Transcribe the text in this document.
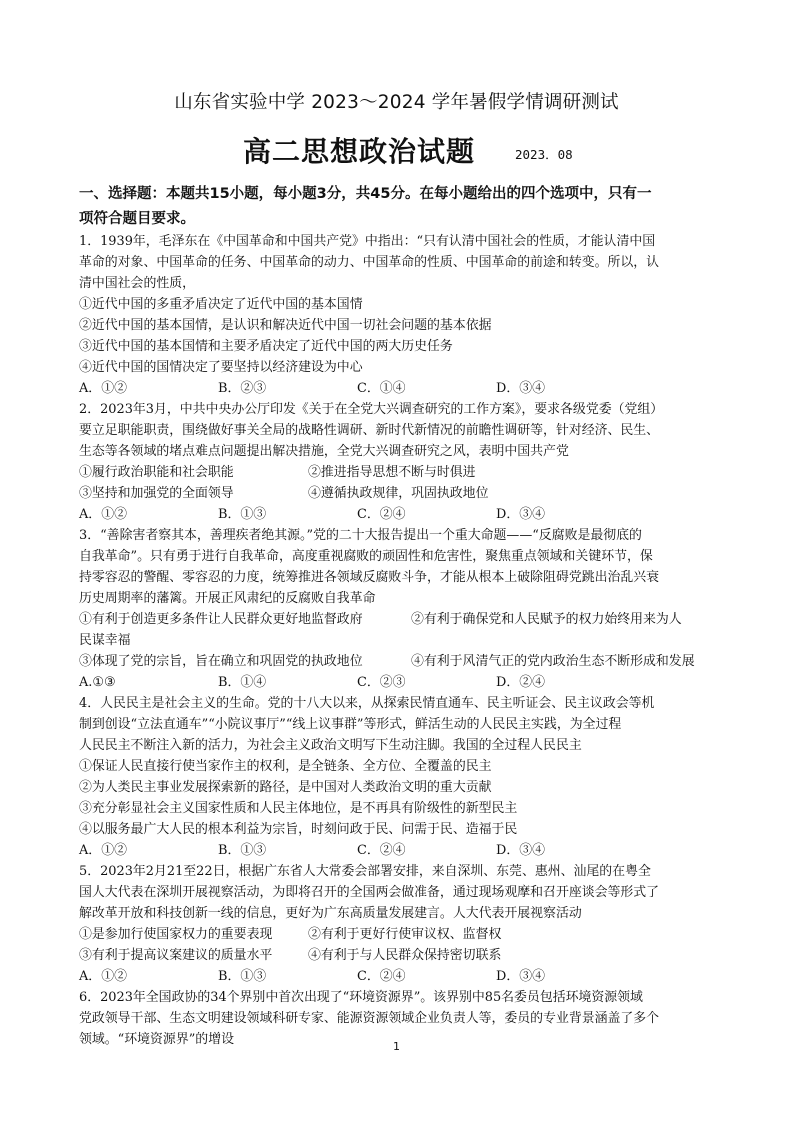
山东省实验中学 2023～2024 学年暑假学情调研测试
高二思想政治试题	2023．08
一、选择题：本题共15小题，每小题3分，共45分。在每小题给出的四个选项中，只有一
项符合题目要求。
1．1939年，毛泽东在《中国革命和中国共产党》中指出：“只有认清中国社会的性质，才能认清中国
革命的对象、中国革命的任务、中国革命的动力、中国革命的性质、中国革命的前途和转变。所以，认
清中国社会的性质，
①近代中国的多重矛盾决定了近代中国的基本国情
②近代中国的基本国情，是认识和解决近代中国一切社会问题的基本依据
③近代中国的基本国情和主要矛盾决定了近代中国的两大历史任务
④近代中国的国情决定了要坚持以经济建设为中心
A．①②	B．②③	C．①④	D．③④
2．2023年3月，中共中央办公厅印发《关于在全党大兴调查研究的工作方案》，要求各级党委（党组）
要立足职能职责，围绕做好事关全局的战略性调研、新时代新情况的前瞻性调研等，针对经济、民生、
生态等各领域的堵点难点问题提出解决措施，全党大兴调查研究之风，表明中国共产党
①履行政治职能和社会职能	②推进指导思想不断与时俱进
③坚持和加强党的全面领导	④遵循执政规律，巩固执政地位
A．①②	B．①③	C．②④	D．③④
3．“善除害者察其本，善理疾者绝其源。”党的二十大报告提出一个重大命题——“反腐败是最彻底的
自我革命”。只有勇于进行自我革命，高度重视腐败的顽固性和危害性，聚焦重点领域和关键环节，保
持零容忍的警醒、零容忍的力度，统筹推进各领域反腐败斗争，才能从根本上破除阻碍党跳出治乱兴衰
历史周期率的藩篱。开展正风肃纪的反腐败自我革命
①有利于创造更多条件让人民群众更好地监督政府	②有利于确保党和人民赋予的权力始终用来为人
民谋幸福
③体现了党的宗旨，旨在确立和巩固党的执政地位	④有利于风清气正的党内政治生态不断形成和发展
A.①③	B．①④	C．②③	D．②④
4．人民民主是社会主义的生命。党的十八大以来，从探索民情直通车、民主听证会、民主议政会等机
制到创设“立法直通车”“小院议事厅”“线上议事群”等形式，鲜活生动的人民民主实践，为全过程
人民民主不断注入新的活力，为社会主义政治文明写下生动注脚。我国的全过程人民民主
①保证人民直接行使当家作主的权利，是全链条、全方位、全覆盖的民主
②为人类民主事业发展探索新的路径，是中国对人类政治文明的重大贡献
③充分彰显社会主义国家性质和人民主体地位，是不再具有阶级性的新型民主
④以服务最广大人民的根本利益为宗旨，时刻问政于民、问需于民、造福于民
A．①②	B．①③	C．②④	D．③④
5．2023年2月21至22日，根据广东省人大常委会部署安排，来自深圳、东莞、惠州、汕尾的在粤全
国人大代表在深圳开展视察活动，为即将召开的全国两会做准备，通过现场观摩和召开座谈会等形式了
解改革开放和科技创新一线的信息，更好为广东高质量发展建言。人大代表开展视察活动
①是参加行使国家权力的重要表现	②有利于更好行使审议权、监督权
③有利于提高议案建议的质量水平	④有利于与人民群众保持密切联系
A．①②	B．①③	C．②④	D．③④
6．2023年全国政协的34个界别中首次出现了“环境资源界”。该界别中85名委员包括环境资源领域
党政领导干部、生态文明建设领域科研专家、能源资源领域企业负责人等，委员的专业背景涵盖了多个
领域。“环境资源界”的增设	1
